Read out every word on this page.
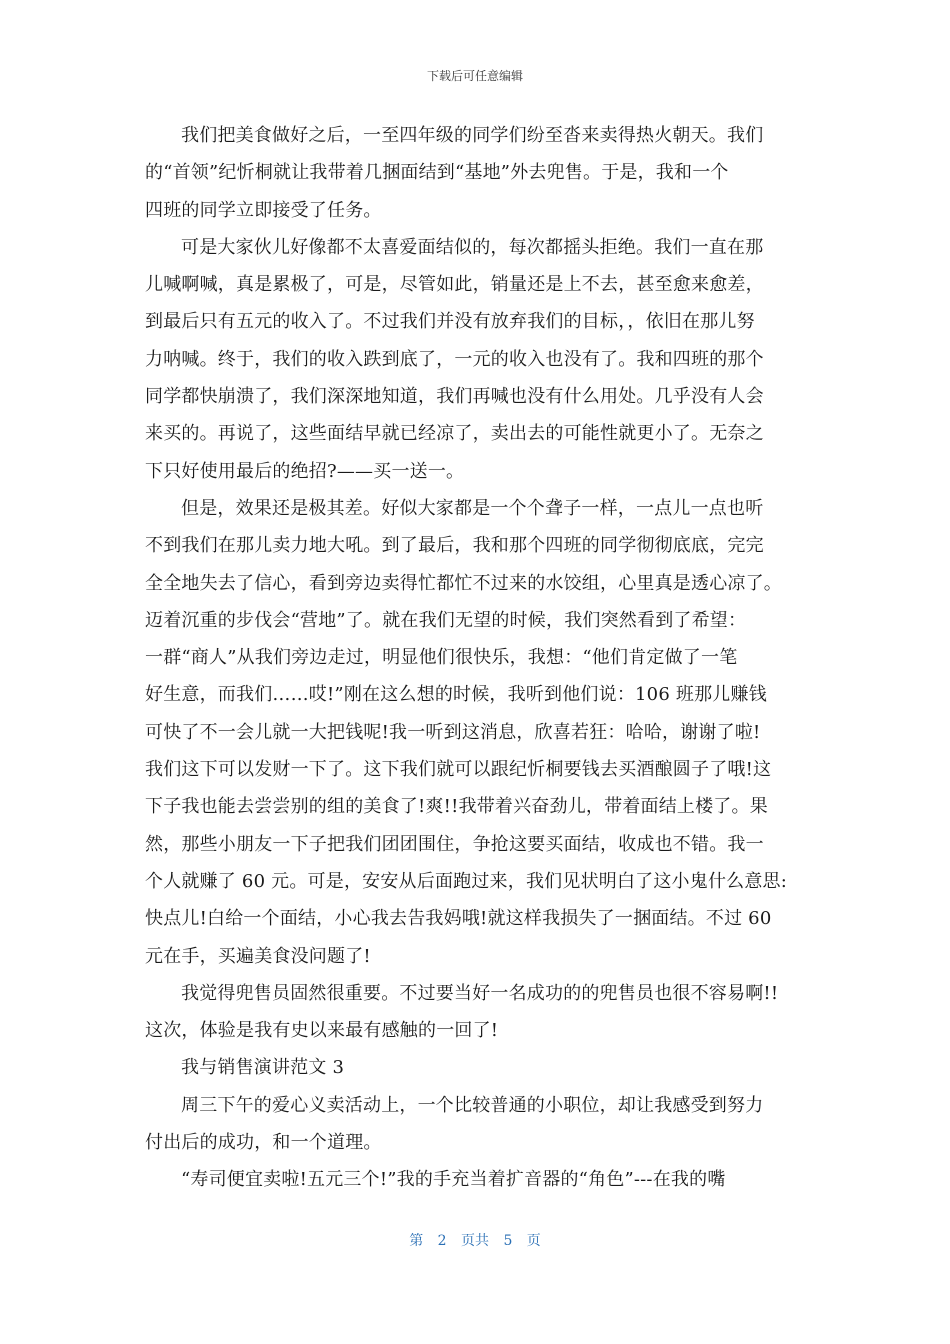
下载后可任意编辑
我们把美食做好之后，一至四年级的同学们纷至沓来卖得热火朝天。我们
的“首领”纪忻桐就让我带着几捆面结到“基地”外去兜售。于是，我和一个
四班的同学立即接受了任务。
可是大家伙儿好像都不太喜爱面结似的，每次都摇头拒绝。我们一直在那
儿喊啊喊，真是累极了，可是，尽管如此，销量还是上不去，甚至愈来愈差，
到最后只有五元的收入了。不过我们并没有放弃我们的目标，，依旧在那儿努
力呐喊。终于，我们的收入跌到底了，一元的收入也没有了。我和四班的那个
同学都快崩溃了，我们深深地知道，我们再喊也没有什么用处。几乎没有人会
来买的。再说了，这些面结早就已经凉了，卖出去的可能性就更小了。无奈之
下只好使用最后的绝招?——买一送一。
但是，效果还是极其差。好似大家都是一个个聋子一样，一点儿一点也听
不到我们在那儿卖力地大吼。到了最后，我和那个四班的同学彻彻底底，完完
全全地失去了信心，看到旁边卖得忙都忙不过来的水饺组，心里真是透心凉了。
迈着沉重的步伐会“营地”了。就在我们无望的时候，我们突然看到了希望：
一群“商人”从我们旁边走过，明显他们很快乐，我想：“他们肯定做了一笔
好生意，而我们……哎!”刚在这么想的时候，我听到他们说：106 班那儿赚钱
可快了不一会儿就一大把钱呢!我一听到这消息，欣喜若狂：哈哈，谢谢了啦!
我们这下可以发财一下了。这下我们就可以跟纪忻桐要钱去买酒酿圆子了哦!这
下子我也能去尝尝别的组的美食了!爽!!我带着兴奋劲儿，带着面结上楼了。果
然，那些小朋友一下子把我们团团围住，争抢这要买面结，收成也不错。我一
个人就赚了 60 元。可是，安安从后面跑过来，我们见状明白了这小鬼什么意思:
快点儿!白给一个面结，小心我去告我妈哦!就这样我损失了一捆面结。不过 60
元在手，买遍美食没问题了!
我觉得兜售员固然很重要。不过要当好一名成功的的兜售员也很不容易啊!!
这次，体验是我有史以来最有感触的一回了!
我与销售演讲范文 3
周三下午的爱心义卖活动上，一个比较普通的小职位，却让我感受到努力
付出后的成功，和一个道理。
“寿司便宜卖啦!五元三个!”我的手充当着扩音器的“角色”---在我的嘴
第 2 页共 5 页
